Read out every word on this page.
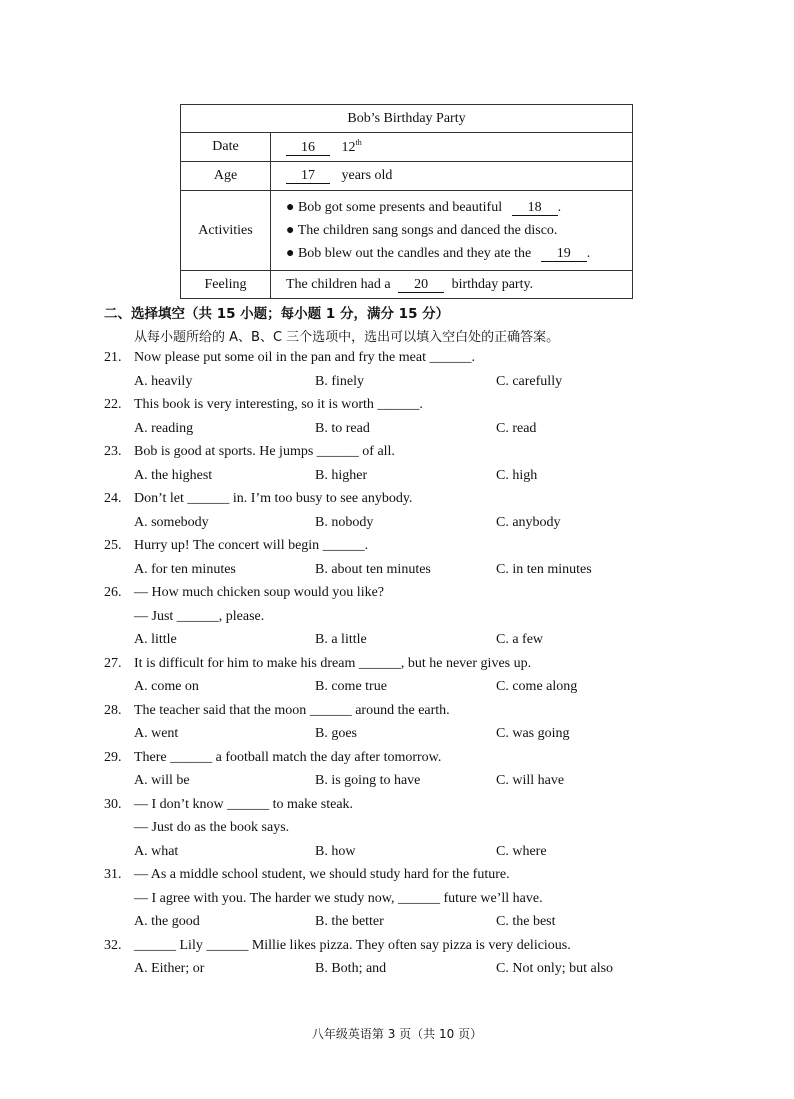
Bob’s Birthday Party	
Date	16 12th
Age	17 years old
Activities	● Bob got some presents and beautiful 18 .
● The children sang songs and danced the disco.
● Bob blew out the candles and they ate the 19 .

Feeling	The children had a 20 birthday party.
二、选择填空（共 15 小题；每小题 1 分，满分 15 分）
从每小题所给的 A、B、C 三个选项中，选出可以填入空白处的正确答案。
21. Now please put some oil in the pan and fry the meat ______.
A. heavily	B. finely	C. carefully
22. This book is very interesting, so it is worth ______.
A. reading	B. to read	C. read
23. Bob is good at sports. He jumps ______ of all.
A. the highest	B. higher	C. high
24. Don’t let ______ in. I’m too busy to see anybody.
A. somebody	B. nobody	C. anybody
25. Hurry up! The concert will begin ______.
A. for ten minutes	B. about ten minutes	C. in ten minutes
26. — How much chicken soup would you like?
— Just ______, please.
A. little	B. a little	C. a few
27. It is difficult for him to make his dream ______, but he never gives up.
A. come on	B. come true	C. come along
28. The teacher said that the moon ______ around the earth.
A. went	B. goes	C. was going
29. There ______ a football match the day after tomorrow.
A. will be	B. is going to have	C. will have
30. — I don’t know ______ to make steak.
— Just do as the book says.
A. what	B. how	C. where
31. — As a middle school student, we should study hard for the future.
— I agree with you. The harder we study now, ______ future we’ll have.
A. the good	B. the better	C. the best
32. ______ Lily ______ Millie likes pizza. They often say pizza is very delicious.
A. Either; or	B. Both; and	C. Not only; but also
八年级英语第 3 页（共 10 页）
